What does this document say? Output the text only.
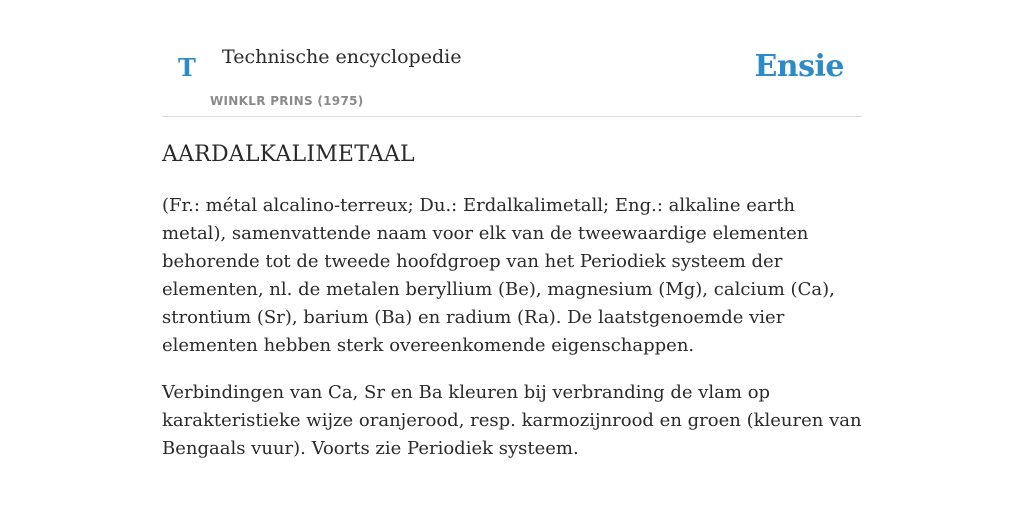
T Technische encyclopedie
WINKLR PRINS (1975)
Ensie
AARDALKALIMETAAL

(Fr.: métal alcalino-terreux; Du.: Erdalkalimetall; Eng.: alkaline earth metal), samenvattende naam voor elk van de tweewaardige elementen behorende tot de tweede hoofdgroep van het Periodiek systeem der elementen, nl. de metalen beryllium (Be), magnesium (Mg), calcium (Ca), strontium (Sr), barium (Ba) en radium (Ra). De laatstgenoemde vier elementen hebben sterk overeenkomende eigenschappen.

Verbindingen van Ca, Sr en Ba kleuren bij verbranding de vlam op karakteristieke wijze oranjerood, resp. karmozijnrood en groen (kleuren van Bengaals vuur). Voorts zie Periodiek systeem.
